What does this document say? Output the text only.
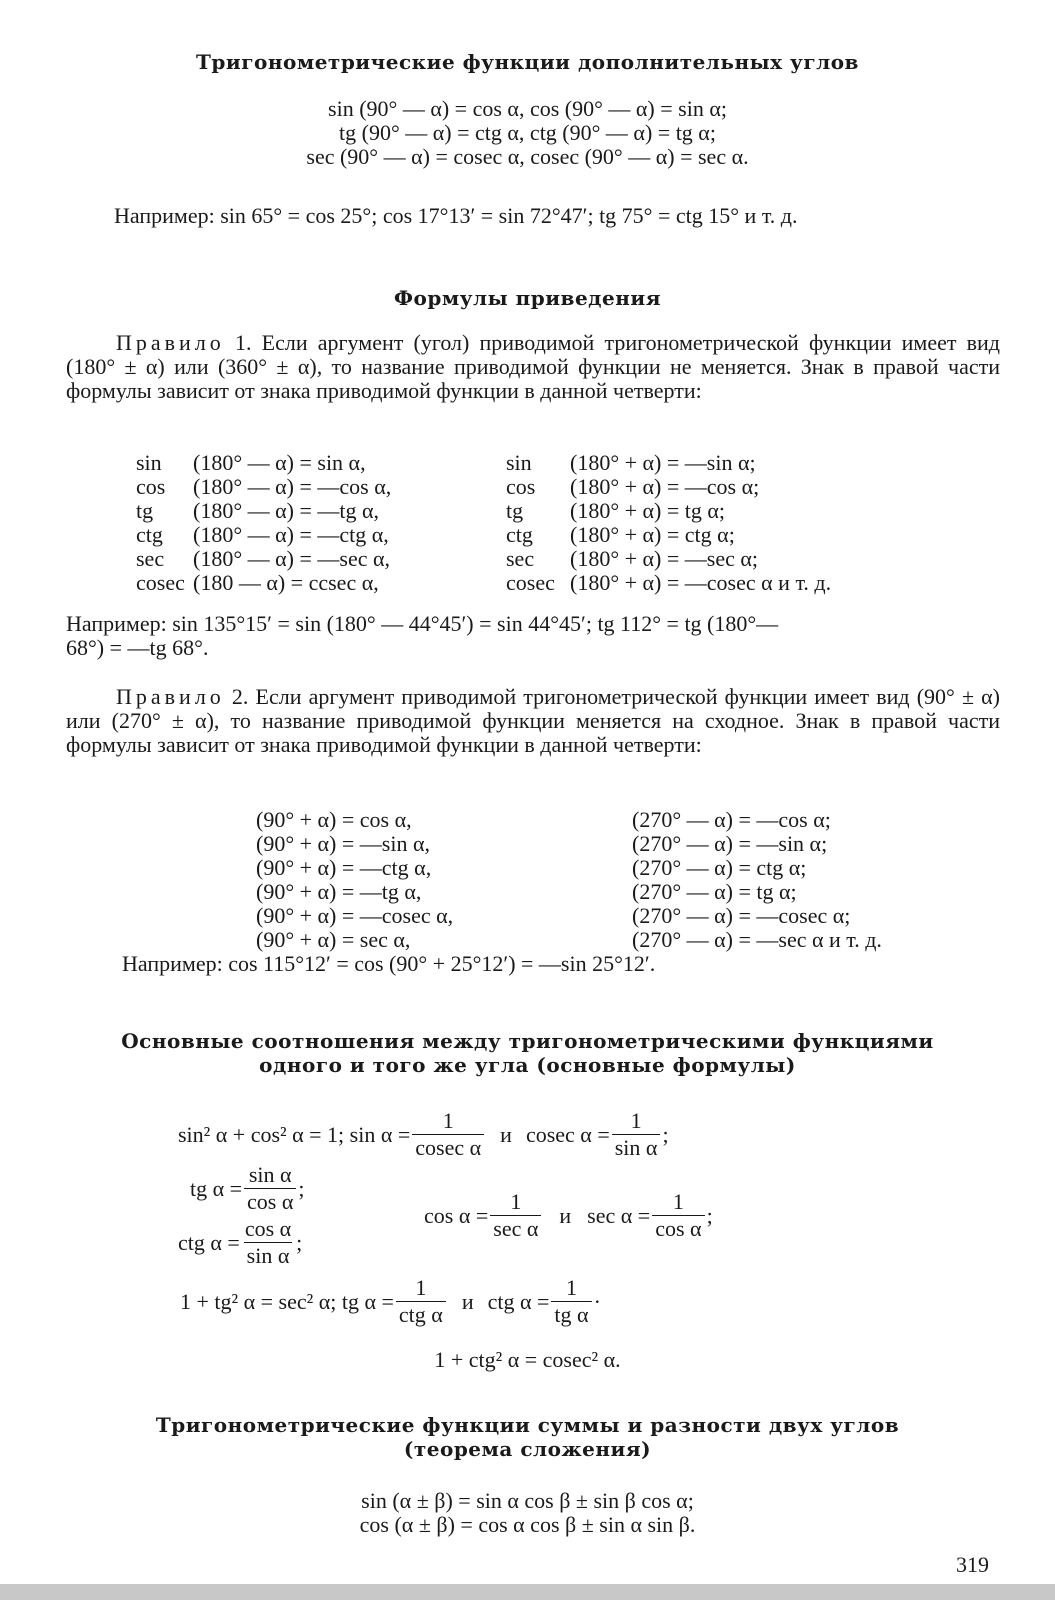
Тригонометрические функции дополнительных углов
sin (90° — α) = cos α, cos (90° — α) = sin α;
tg (90° — α) = ctg α, ctg (90° — α) = tg α;
sec (90° — α) = cosec α, cosec (90° — α) = sec α.
Например: sin 65° = cos 25°; cos 17°13′ = sin 72°47′; tg 75° = ctg 15° и т. д.
Формулы приведения
Правило 1. Если аргумент (угол) приводимой тригонометрической функции имеет вид (180° ± α) или (360° ± α), то название приводимой функции не меняется. Знак в правой части формулы зависит от знака приводимой функции в данной четверти:
sin (180° — α) = sin α,	sin (180° + α) = —sin α;
cos (180° — α) = —cos α,	cos (180° + α) = —cos α;
tg (180° — α) = —tg α,	tg (180° + α) = tg α;
ctg (180° — α) = —ctg α,	ctg (180° + α) = ctg α;
sec (180° — α) = —sec α,	sec (180° + α) = —sec α;
cosec (180 — α) = ccsec α,	cosec (180° + α) = —cosec α и т. д.
Например: sin 135°15′ = sin (180° — 44°45′) = sin 44°45′; tg 112° = tg (180°—
68°) = —tg 68°.
Правило 2. Если аргумент приводимой тригонометрической функции имеет вид (90° ± α) или (270° ± α), то название приводимой функции меняется на сходное. Знак в правой части формулы зависит от знака приводимой функции в данной четверти:
(90° + α) = cos α,	(270° — α) = —cos α;
(90° + α) = —sin α,	(270° — α) = —sin α;
(90° + α) = —ctg α,	(270° — α) = ctg α;
(90° + α) = —tg α,	(270° — α) = tg α;
(90° + α) = —cosec α,	(270° — α) = —cosec α;
(90° + α) = sec α,	(270° — α) = —sec α и т. д.
Например: cos 115°12′ = cos (90° + 25°12′) = —sin 25°12′.
Основные соотношения между тригонометрическими функциями
одного и того же угла (основные формулы)
sin² α + cos² α = 1; $\sin \alpha = \frac{1}{\text{cosec α}}$ и cosec $\alpha = \frac{1}{\text{sin α}}$ ;
tg $\alpha = \frac{\text{sin α}}{\text{cos α}}$ ;
ctg $\alpha = \frac{\text{cos α}}{\text{sin α}}$ ;
$\cos \alpha = \frac{1}{\text{sec α}}$ и $\sec \alpha = \frac{1}{\text{cos α}}$ ;
1 + tg² α = sec² α; tg $\alpha = \frac{1}{\text{ctg α}}$ и ctg $\alpha = \frac{1}{\text{tg α}}$ ·
1 + ctg² α = cosec² α.
Тригонометрические функции суммы и разности двух углов
(теорема сложения)
sin (α ± β) = sin α cos β ± sin β cos α;
cos (α ± β) = cos α cos β ± sin α sin β.
319
